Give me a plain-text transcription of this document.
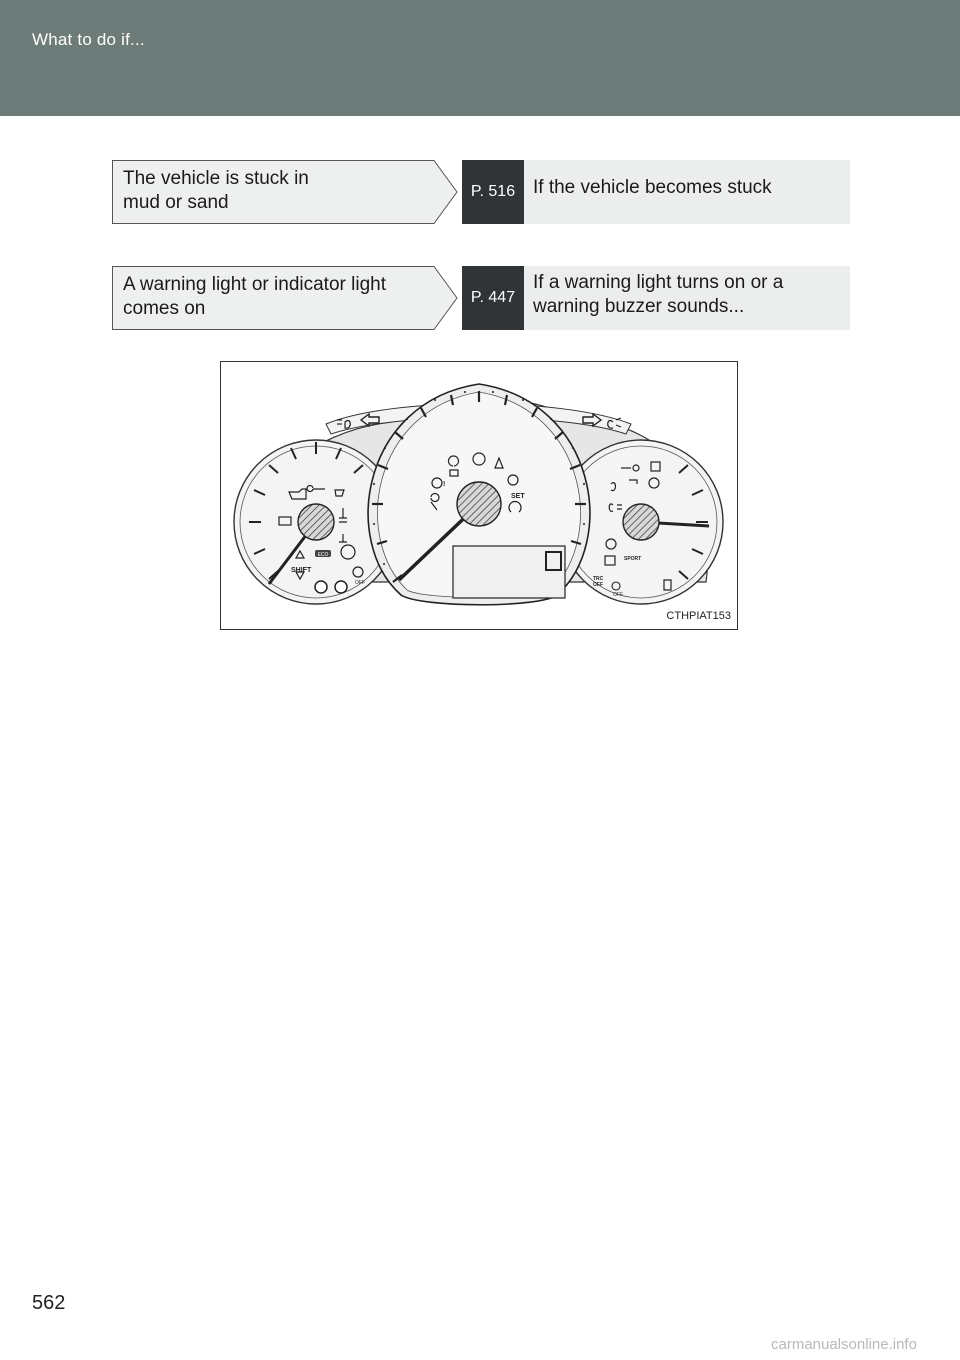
What to do if...
The vehicle is stuck in
mud or sand
P. 516 If the vehicle becomes stuck
A warning light or indicator light
comes on
P. 447
If a warning light turns on or a
warning buzzer sounds...
ECO
SHIFT
OFF
SPORT
TRC
OFF
OFF
!
SET
CTHPIAT153
562
carmanualsonline.info
